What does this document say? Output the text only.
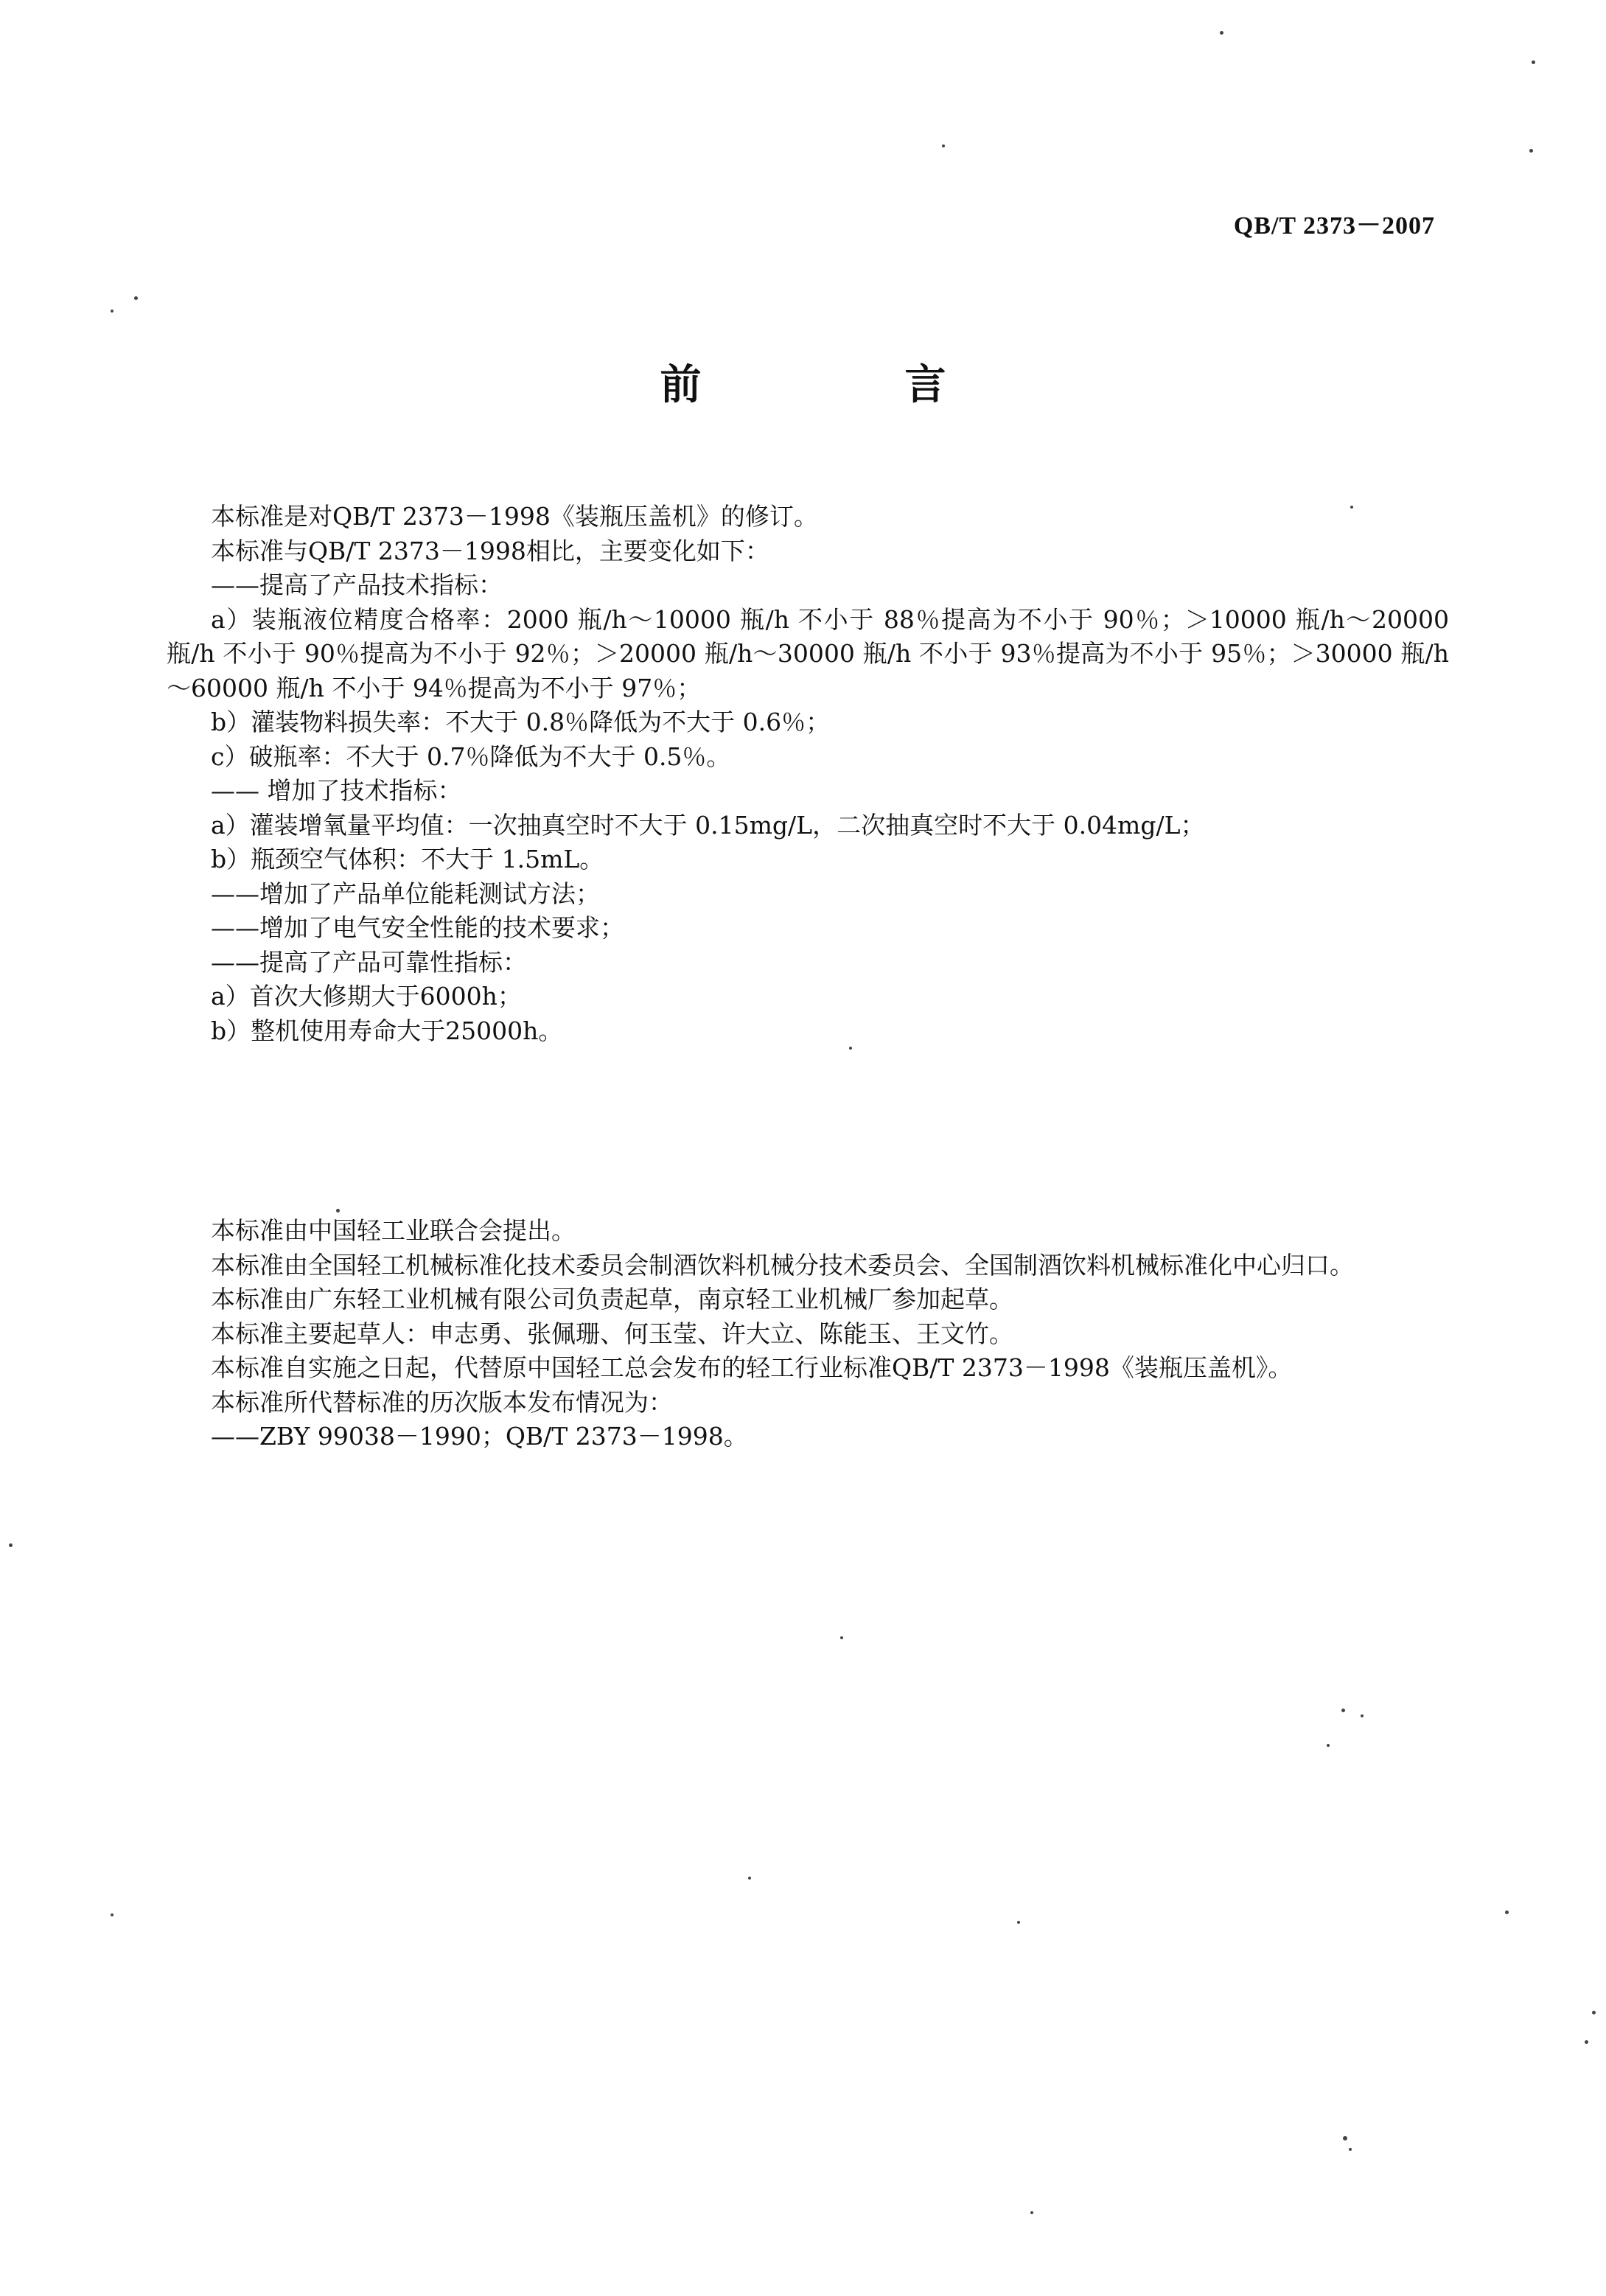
QB/T 2373－2007
前　言

本标准是对QB/T 2373－1998《装瓶压盖机》的修订。

本标准与QB/T 2373－1998相比，主要变化如下：

——提高了产品技术指标：

a）装瓶液位精度合格率：2000 瓶/h～10000 瓶/h 不小于 88％提高为不小于 90％；＞10000 瓶/h～20000 瓶/h 不小于 90％提高为不小于 92％；＞20000 瓶/h～30000 瓶/h 不小于 93％提高为不小于 95％；＞30000 瓶/h～60000 瓶/h 不小于 94％提高为不小于 97％；

b）灌装物料损失率：不大于 0.8％降低为不大于 0.6％；

c）破瓶率：不大于 0.7％降低为不大于 0.5％。

—— 增加了技术指标：

a）灌装增氧量平均值：一次抽真空时不大于 0.15mg/L，二次抽真空时不大于 0.04mg/L；

b）瓶颈空气体积：不大于 1.5mL。

——增加了产品单位能耗测试方法；

——增加了电气安全性能的技术要求；

——提高了产品可靠性指标：

a）首次大修期大于6000h；

b）整机使用寿命大于25000h。

本标准由中国轻工业联合会提出。

本标准由全国轻工机械标准化技术委员会制酒饮料机械分技术委员会、全国制酒饮料机械标准化中心归口。

本标准由广东轻工业机械有限公司负责起草，南京轻工业机械厂参加起草。

本标准主要起草人：申志勇、张佩珊、何玉莹、许大立、陈能玉、王文竹。

本标准自实施之日起，代替原中国轻工总会发布的轻工行业标准QB/T 2373－1998《装瓶压盖机》。

本标准所代替标准的历次版本发布情况为：

——ZBY 99038－1990；QB/T 2373－1998。
